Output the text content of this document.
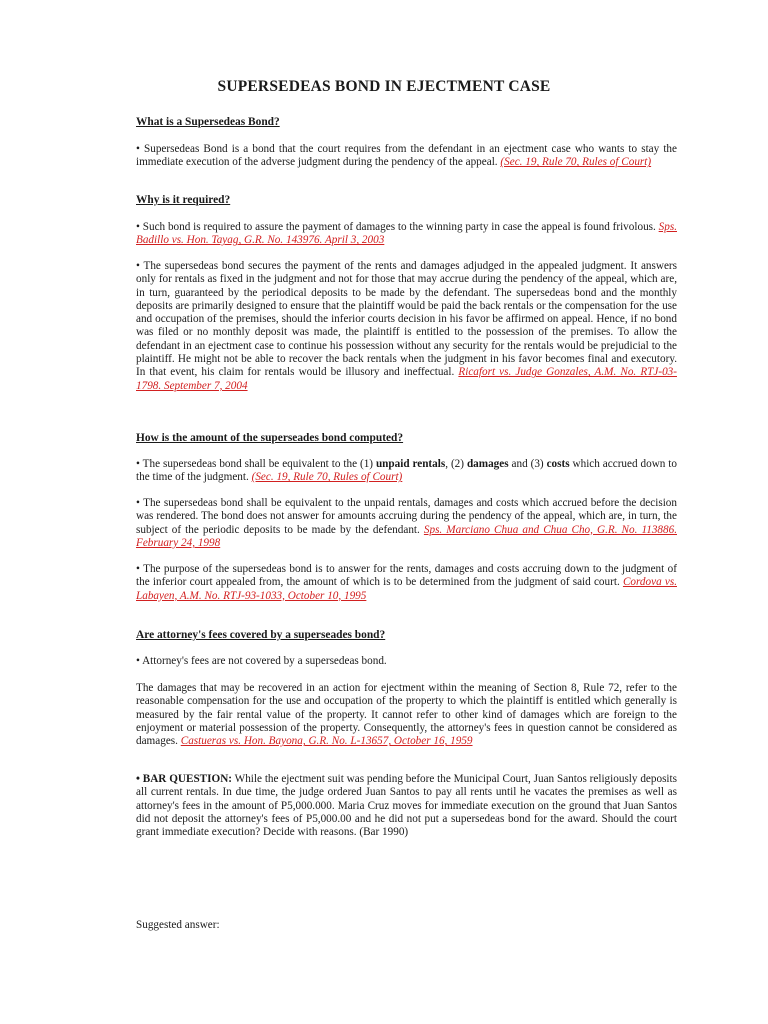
SUPERSEDEAS BOND IN EJECTMENT CASE
What is a Supersedeas Bond?
• Supersedeas Bond is a bond that the court requires from the defendant in an ejectment case who wants to stay the immediate execution of the adverse judgment during the pendency of the appeal. (Sec. 19, Rule 70, Rules of Court)
Why is it required?
• Such bond is required to assure the payment of damages to the winning party in case the appeal is found frivolous. Sps. Badillo vs. Hon. Tayag, G.R. No. 143976. April 3, 2003
• The supersedeas bond secures the payment of the rents and damages adjudged in the appealed judgment. It answers only for rentals as fixed in the judgment and not for those that may accrue during the pendency of the appeal, which are, in turn, guaranteed by the periodical deposits to be made by the defendant. The supersedeas bond and the monthly deposits are primarily designed to ensure that the plaintiff would be paid the back rentals or the compensation for the use and occupation of the premises, should the inferior courts decision in his favor be affirmed on appeal. Hence, if no bond was filed or no monthly deposit was made, the plaintiff is entitled to the possession of the premises. To allow the defendant in an ejectment case to continue his possession without any security for the rentals would be prejudicial to the plaintiff. He might not be able to recover the back rentals when the judgment in his favor becomes final and executory. In that event, his claim for rentals would be illusory and ineffectual. Ricafort vs. Judge Gonzales, A.M. No. RTJ-03-1798. September 7, 2004
How is the amount of the superseades bond computed?
• The supersedeas bond shall be equivalent to the (1) unpaid rentals, (2) damages and (3) costs which accrued down to the time of the judgment. (Sec. 19, Rule 70, Rules of Court)
• The supersedeas bond shall be equivalent to the unpaid rentals, damages and costs which accrued before the decision was rendered. The bond does not answer for amounts accruing during the pendency of the appeal, which are, in turn, the subject of the periodic deposits to be made by the defendant. Sps. Marciano Chua and Chua Cho, G.R. No. 113886. February 24, 1998
• The purpose of the supersedeas bond is to answer for the rents, damages and costs accruing down to the judgment of the inferior court appealed from, the amount of which is to be determined from the judgment of said court. Cordova vs. Labayen, A.M. No. RTJ-93-1033, October 10, 1995
Are attorney's fees covered by a superseades bond?
• Attorney's fees are not covered by a supersedeas bond.
The damages that may be recovered in an action for ejectment within the meaning of Section 8, Rule 72, refer to the reasonable compensation for the use and occupation of the property to which the plaintiff is entitled which generally is measured by the fair rental value of the property. It cannot refer to other kind of damages which are foreign to the enjoyment or material possession of the property. Consequently, the attorney's fees in question cannot be considered as damages. Castueras vs. Hon. Bayona, G.R. No. L-13657, October 16, 1959
• BAR QUESTION: While the ejectment suit was pending before the Municipal Court, Juan Santos religiously deposits all current rentals. In due time, the judge ordered Juan Santos to pay all rents until he vacates the premises as well as attorney's fees in the amount of P5,000.000. Maria Cruz moves for immediate execution on the ground that Juan Santos did not deposit the attorney's fees of P5,000.00 and he did not put a supersedeas bond for the award. Should the court grant immediate execution? Decide with reasons. (Bar 1990)
Suggested answer:
